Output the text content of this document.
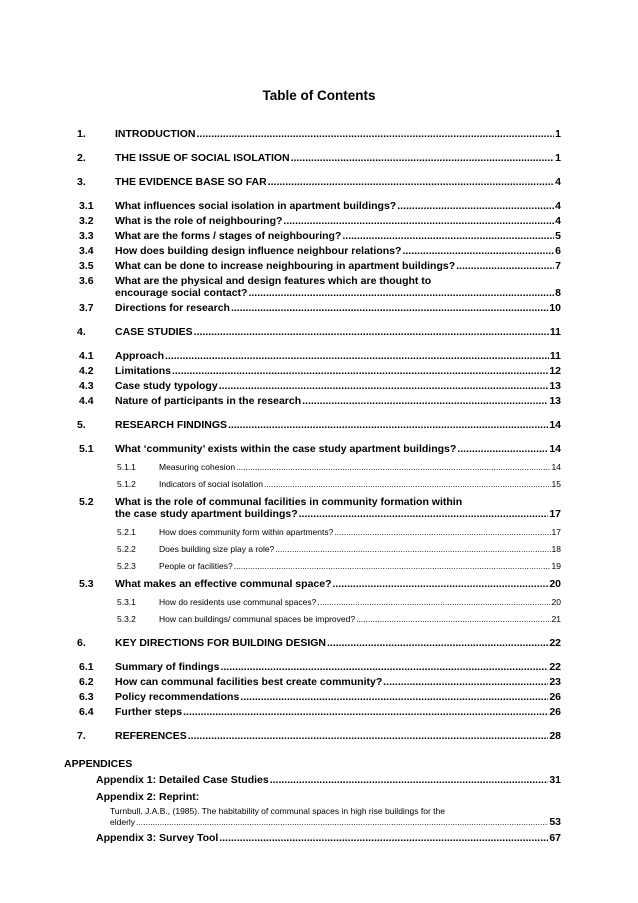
Table of Contents
1.	INTRODUCTION .....	1
2.	THE ISSUE OF SOCIAL ISOLATION .....	1
3.	THE EVIDENCE BASE SO FAR .....	4
3.1	What influences social isolation in apartment buildings? .....	4
3.2	What is the role of neighbouring? .....	4
3.3	What are the forms / stages of neighbouring? .....	5
3.4	How does building design influence neighbour relations? .....	6
3.5	What can be done to increase neighbouring in apartment buildings? .....	7
3.6 What are the physical and design features which are thought to
encourage social contact? .....	8
3.7	Directions for research .....	10
4.	CASE STUDIES .....	11
4.1	Approach .....	11
4.2	Limitations .....	12
4.3	Case study typology .....	13
4.4	Nature of participants in the research .....	13
5.	RESEARCH FINDINGS .....	14
5.1	What ‘community’ exists within the case study apartment buildings? .....	14
5.1.1	Measuring cohesion .....	14
5.1.2	Indicators of social isolation .....	15
5.2 What is the role of communal facilities in community formation within
the case study apartment buildings? .....	17
5.2.1	How does community form within apartments? .....	17
5.2.2	Does building size play a role? .....	18
5.2.3	People or facilities? .....	19
5.3	What makes an effective communal space? .....	20
5.3.1	How do residents use communal spaces? .....	20
5.3.2	How can buildings/ communal spaces be improved? .....	21
6.	KEY DIRECTIONS FOR BUILDING DESIGN .....	22
6.1	Summary of findings .....	22
6.2	How can communal facilities best create community? .....	23
6.3	Policy recommendations .....	26
6.4	Further steps .....	26
7.	REFERENCES .....	28
APPENDICES
Appendix 1: Detailed Case Studies .....	31
Appendix 2: Reprint:
Turnbull, J.A.B., (1985). The habitability of communal spaces in high rise buildings for the
elderly .....	53
Appendix 3: Survey Tool .....	67
